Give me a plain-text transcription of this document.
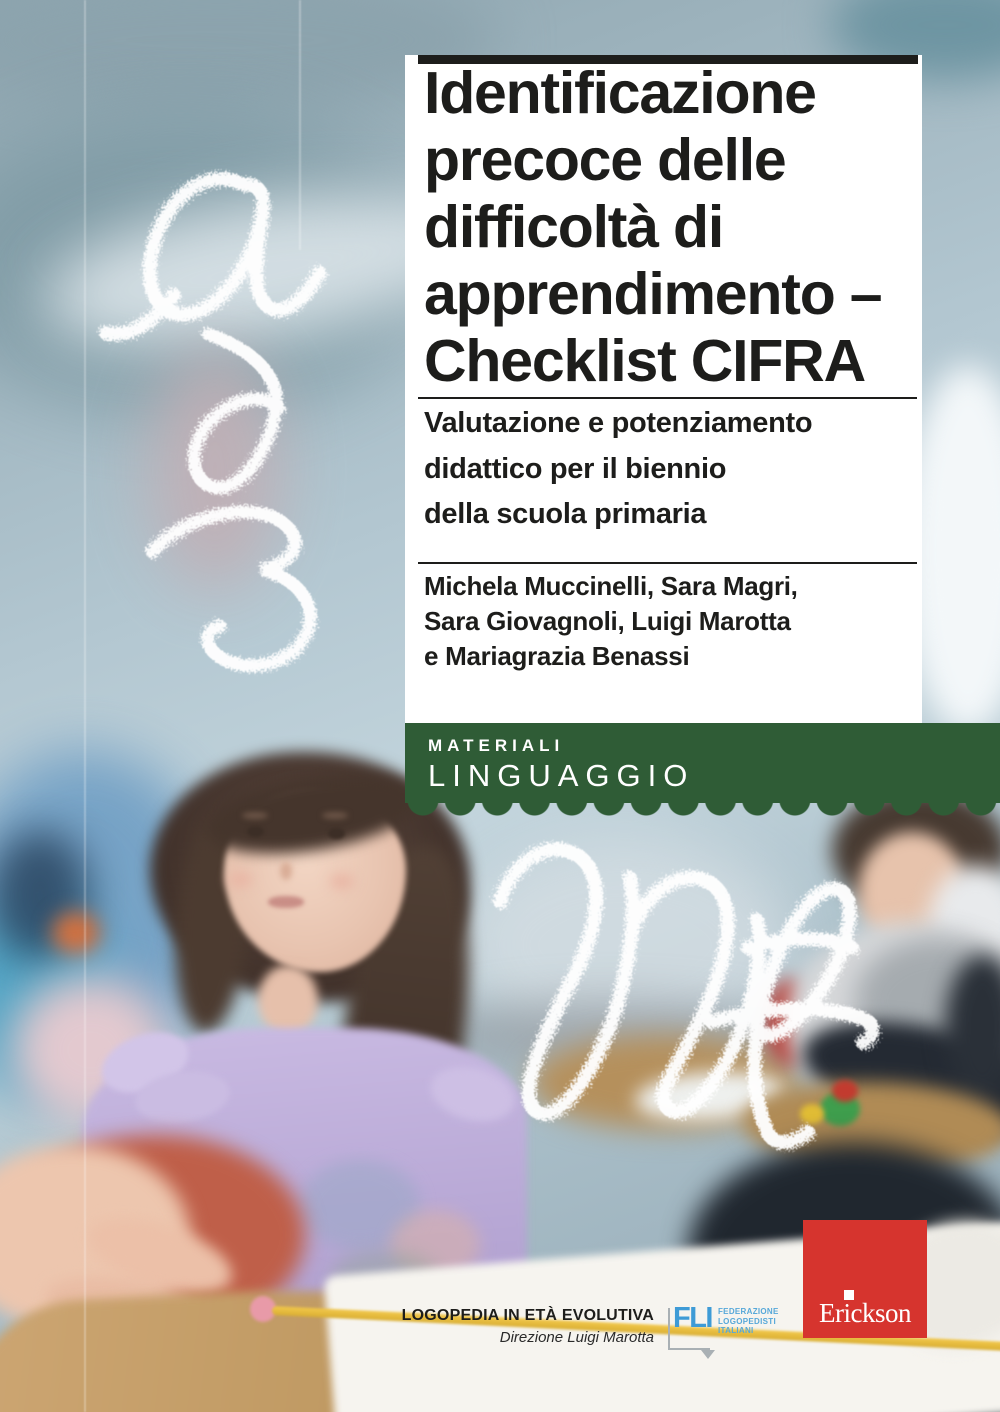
Identificazione
precoce delle
difficoltà di
apprendimento –
Checklist CIFRA
Valutazione e potenziamento
didattico per il biennio
della scuola primaria
Michela Muccinelli, Sara Magri,
Sara Giovagnoli, Luigi Marotta
e Mariagrazia Benassi
MATERIALI
LINGUAGGIO
LOGOPEDIA IN ETÀ EVOLUTIVA
Direzione Luigi Marotta
FLI FEDERAZIONE
LOGOPEDISTI
ITALIANI
Erickson
